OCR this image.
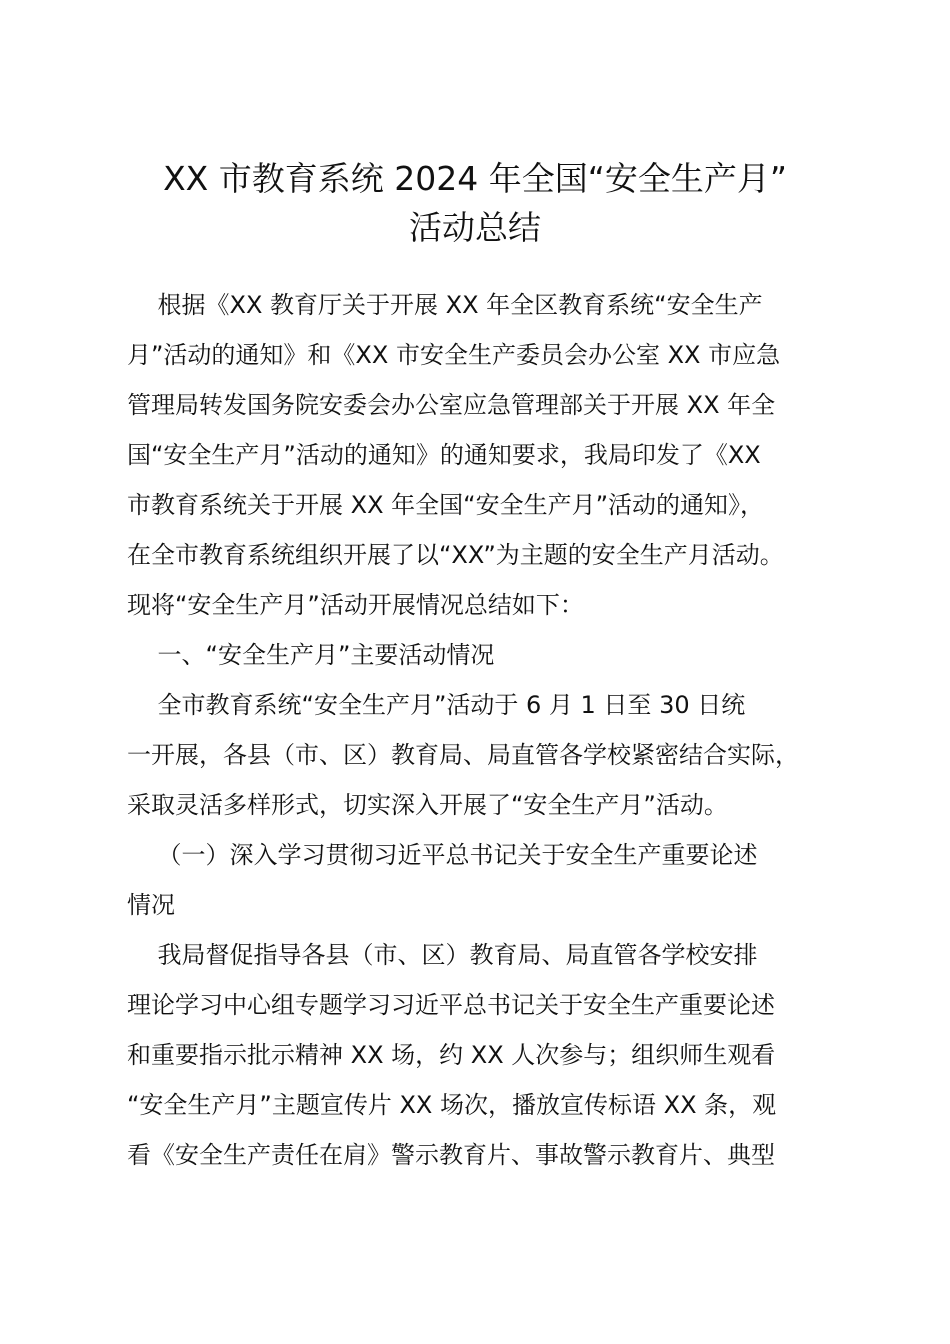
XX 市教育系统 2024 年全国“安全生产月”
活动总结
根据《XX 教育厅关于开展 XX 年全区教育系统“安全生产
月”活动的通知》和《XX 市安全生产委员会办公室 XX 市应急
管理局转发国务院安委会办公室应急管理部关于开展 XX 年全
国“安全生产月”活动的通知》的通知要求，我局印发了《XX
市教育系统关于开展 XX 年全国“安全生产月”活动的通知》，
在全市教育系统组织开展了以“XX”为主题的安全生产月活动。
现将“安全生产月”活动开展情况总结如下：
一、“安全生产月”主要活动情况
全市教育系统“安全生产月”活动于 6 月 1 日至 30 日统
一开展，各县（市、区）教育局、局直管各学校紧密结合实际，
采取灵活多样形式，切实深入开展了“安全生产月”活动。
（一）深入学习贯彻习近平总书记关于安全生产重要论述
情况
我局督促指导各县（市、区）教育局、局直管各学校安排
理论学习中心组专题学习习近平总书记关于安全生产重要论述
和重要指示批示精神 XX 场，约 XX 人次参与；组织师生观看
“安全生产月”主题宣传片 XX 场次，播放宣传标语 XX 条，观
看《安全生产责任在肩》警示教育片、事故警示教育片、典型
